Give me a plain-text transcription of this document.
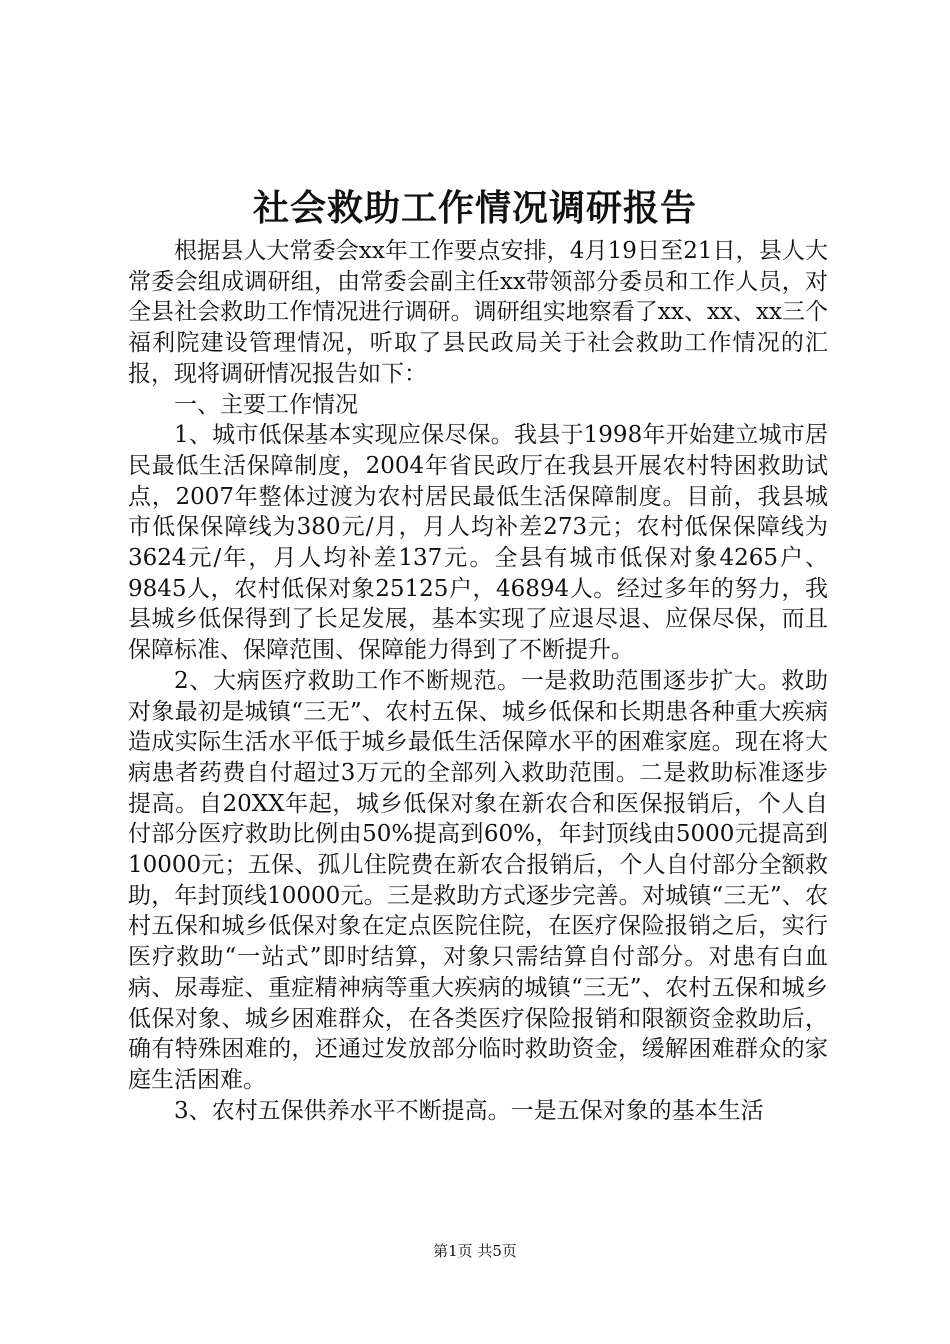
社会救助工作情况调研报告

根据县人大常委会xx年工作要点安排，4月19日至21日，县人大常委会组成调研组，由常委会副主任xx带领部分委员和工作人员，对全县社会救助工作情况进行调研。调研组实地察看了xx、xx、xx三个福利院建设管理情况，听取了县民政局关于社会救助工作情况的汇报，现将调研情况报告如下：

一、主要工作情况

1、城市低保基本实现应保尽保。我县于1998年开始建立城市居民最低生活保障制度，2004年省民政厅在我县开展农村特困救助试点，2007年整体过渡为农村居民最低生活保障制度。目前，我县城市低保保障线为380元/月，月人均补差273元；农村低保保障线为3624元/年，月人均补差137元。全县有城市低保对象4265户、9845人，农村低保对象25125户，46894人。经过多年的努力，我县城乡低保得到了长足发展，基本实现了应退尽退、应保尽保，而且保障标准、保障范围、保障能力得到了不断提升。

2、大病医疗救助工作不断规范。一是救助范围逐步扩大。救助对象最初是城镇“三无”、农村五保、城乡低保和长期患各种重大疾病造成实际生活水平低于城乡最低生活保障水平的困难家庭。现在将大病患者药费自付超过3万元的全部列入救助范围。二是救助标准逐步提高。自20XX年起，城乡低保对象在新农合和医保报销后，个人自付部分医疗救助比例由50%提高到60%，年封顶线由5000元提高到10000元；五保、孤儿住院费在新农合报销后，个人自付部分全额救助，年封顶线10000元。三是救助方式逐步完善。对城镇“三无”、农村五保和城乡低保对象在定点医院住院，在医疗保险报销之后，实行医疗救助“一站式”即时结算，对象只需结算自付部分。对患有白血病、尿毒症、重症精神病等重大疾病的城镇“三无”、农村五保和城乡低保对象、城乡困难群众，在各类医疗保险报销和限额资金救助后，确有特殊困难的，还通过发放部分临时救助资金，缓解困难群众的家庭生活困难。

3、农村五保供养水平不断提高。一是五保对象的基本生活

第1页 共5页
